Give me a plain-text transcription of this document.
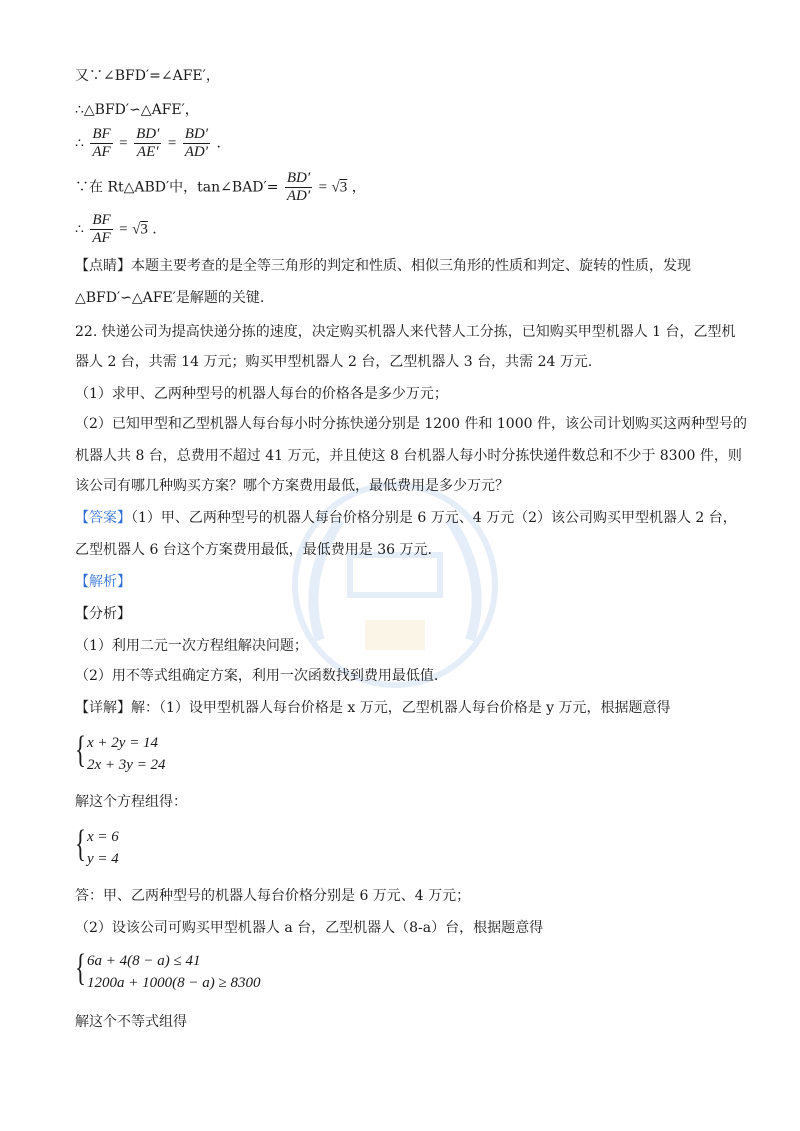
又∵∠BFD′=∠AFE′，
∴△BFD′∽△AFE′，
∴ $\frac{BF}{AF} = \frac{BD'}{AE'} = \frac{BD'}{AD'}$ .
∵在 Rt△ABD′中，tan∠BAD′= $\frac{BD'}{AD'} = √3$ ，
∴ $\frac{BF}{AF} = √3$ .
【点睛】本题主要考查的是全等三角形的判定和性质、相似三角形的性质和判定、旋转的性质，发现
△BFD′∽△AFE′是解题的关键.
22. 快递公司为提高快递分拣的速度，决定购买机器人来代替人工分拣，已知购买甲型机器人 1 台，乙型机
器人 2 台，共需 14 万元；购买甲型机器人 2 台，乙型机器人 3 台，共需 24 万元.
（1）求甲、乙两种型号的机器人每台的价格各是多少万元；
（2）已知甲型和乙型机器人每台每小时分拣快递分别是 1200 件和 1000 件，该公司计划购买这两种型号的
机器人共 8 台，总费用不超过 41 万元，并且使这 8 台机器人每小时分拣快递件数总和不少于 8300 件，则
该公司有哪几种购买方案？哪个方案费用最低，最低费用是多少万元？
【答案】（1）甲、乙两种型号的机器人每台价格分别是 6 万元、4 万元（2）该公司购买甲型机器人 2 台，
乙型机器人 6 台这个方案费用最低，最低费用是 36 万元.
【解析】
【分析】
（1）利用二元一次方程组解决问题；
（2）用不等式组确定方案，利用一次函数找到费用最低值.
【详解】解：（1）设甲型机器人每台价格是 x 万元，乙型机器人每台价格是 y 万元，根据题意得
{ x + 2y = 14
2x + 3y = 24
解这个方程组得：
{ x = 6
y = 4
答：甲、乙两种型号的机器人每台价格分别是 6 万元、4 万元；
（2）设该公司可购买甲型机器人 a 台，乙型机器人（8-a）台，根据题意得
{ 6a + 4(8 − a) ≤ 41
1200a + 1000(8 − a) ≥ 8300
解这个不等式组得
